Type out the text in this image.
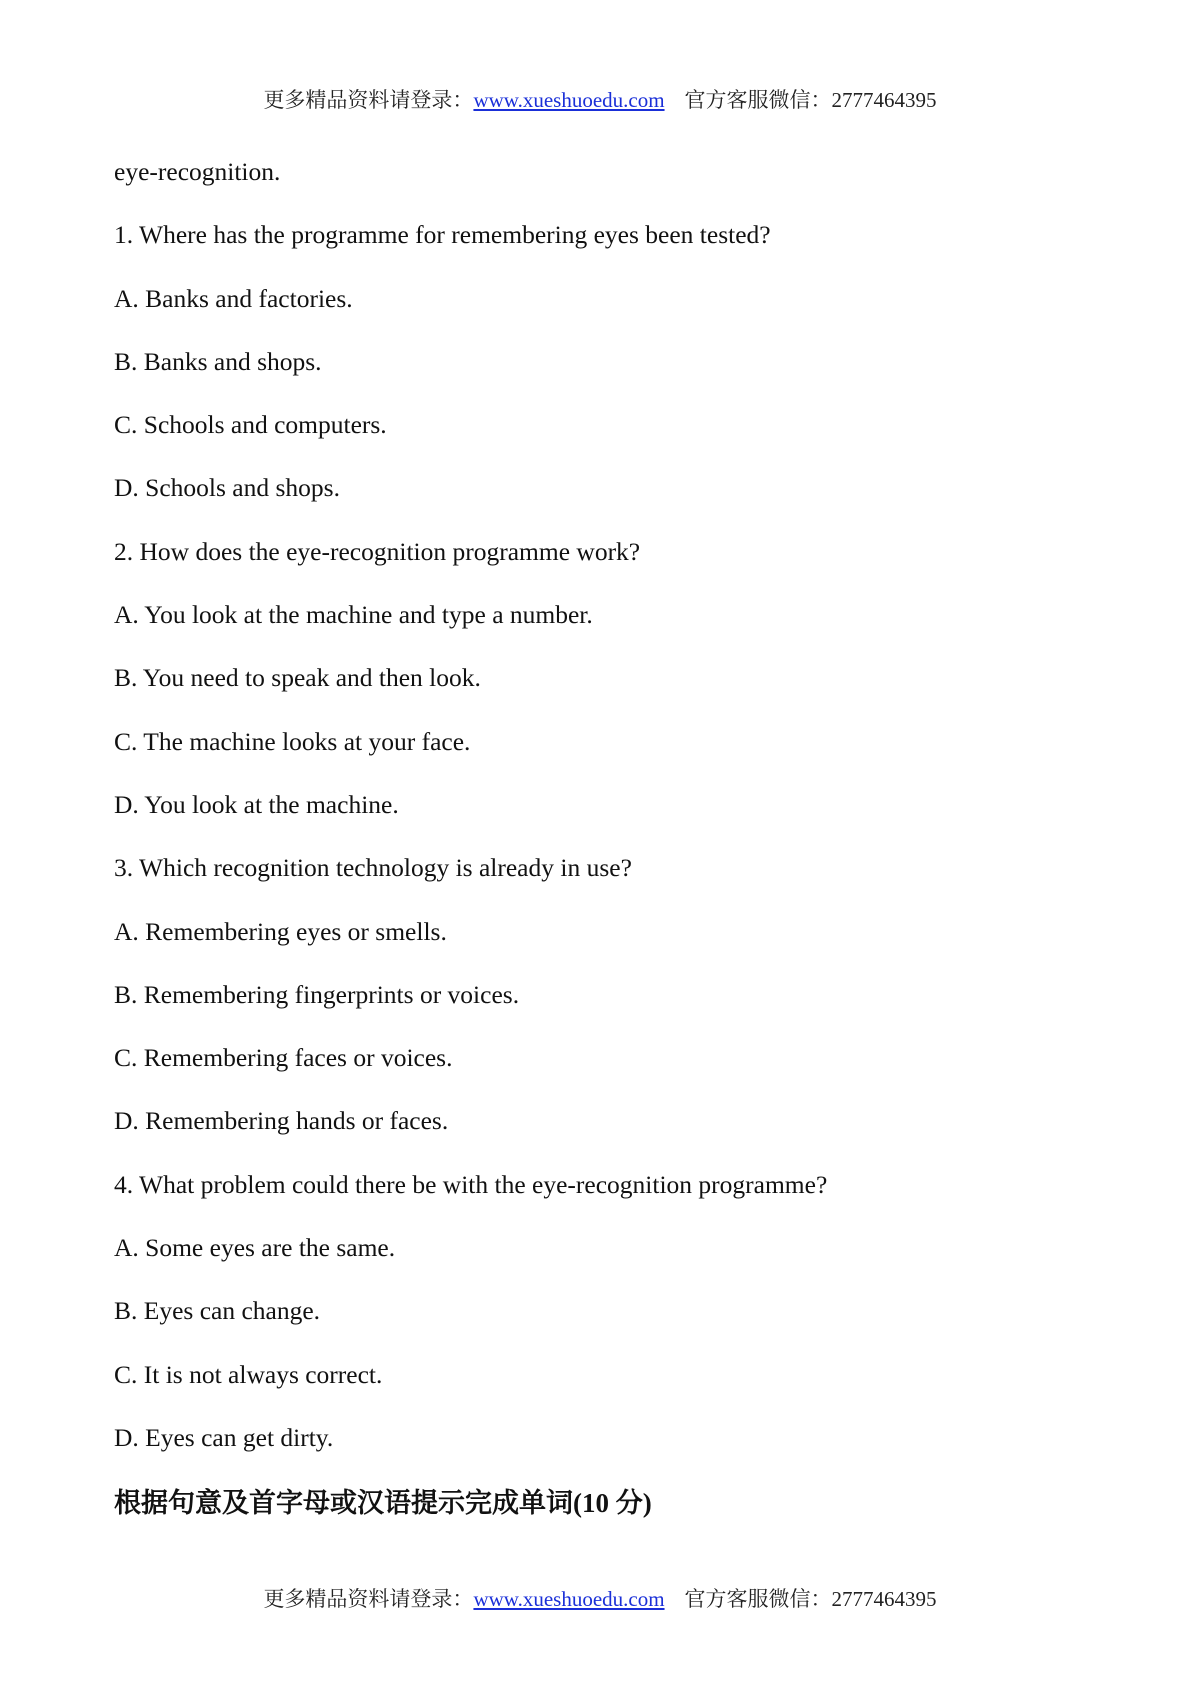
更多精品资料请登录：www.xueshuoedu.com 官方客服微信：2777464395
eye-recognition.
1. Where has the programme for remembering eyes been tested?
A. Banks and factories.
B. Banks and shops.
C. Schools and computers.
D. Schools and shops.
2. How does the eye-recognition programme work?
A. You look at the machine and type a number.
B. You need to speak and then look.
C. The machine looks at your face.
D. You look at the machine.
3. Which recognition technology is already in use?
A. Remembering eyes or smells.
B. Remembering fingerprints or voices.
C. Remembering faces or voices.
D. Remembering hands or faces.
4. What problem could there be with the eye-recognition programme?
A. Some eyes are the same.
B. Eyes can change.
C. It is not always correct.
D. Eyes can get dirty.
根据句意及首字母或汉语提示完成单词(10 分)
更多精品资料请登录：www.xueshuoedu.com 官方客服微信：2777464395
